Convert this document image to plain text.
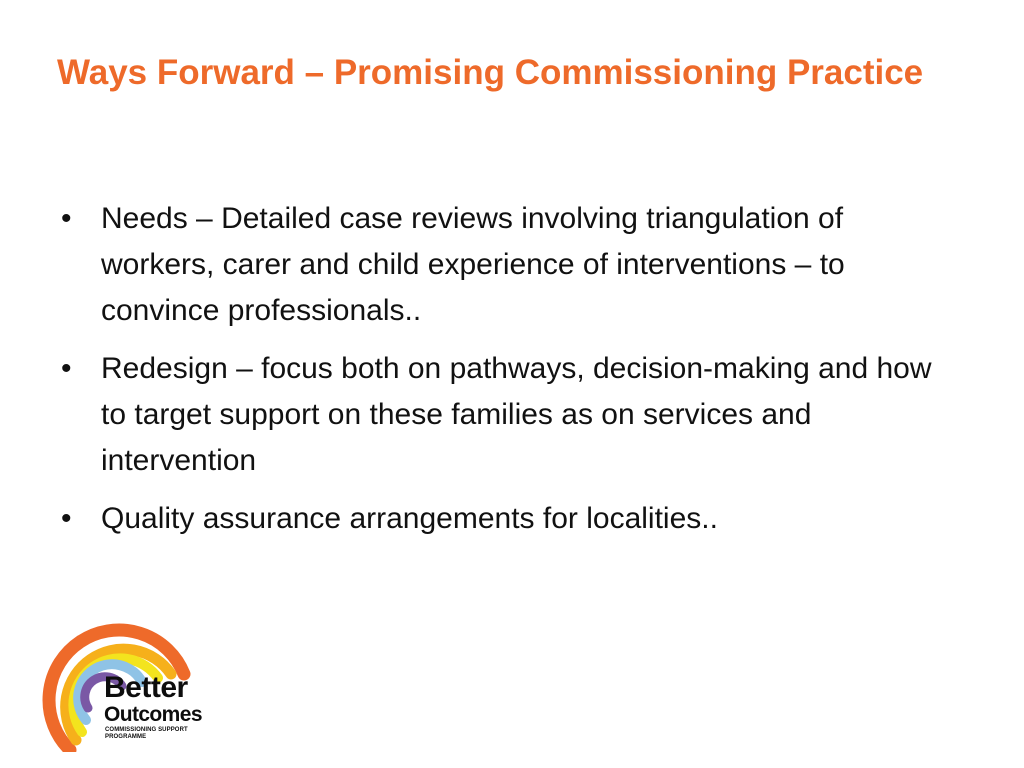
Ways Forward – Promising Commissioning Practice
• Needs – Detailed case reviews involving triangulation of workers, carer and child experience of interventions – to convince professionals..
• Redesign – focus both on pathways, decision-making and how to target support on these families as on services and intervention
• Quality assurance arrangements for localities..
Better
Outcomes
COMMISSIONING SUPPORT
PROGRAMME
